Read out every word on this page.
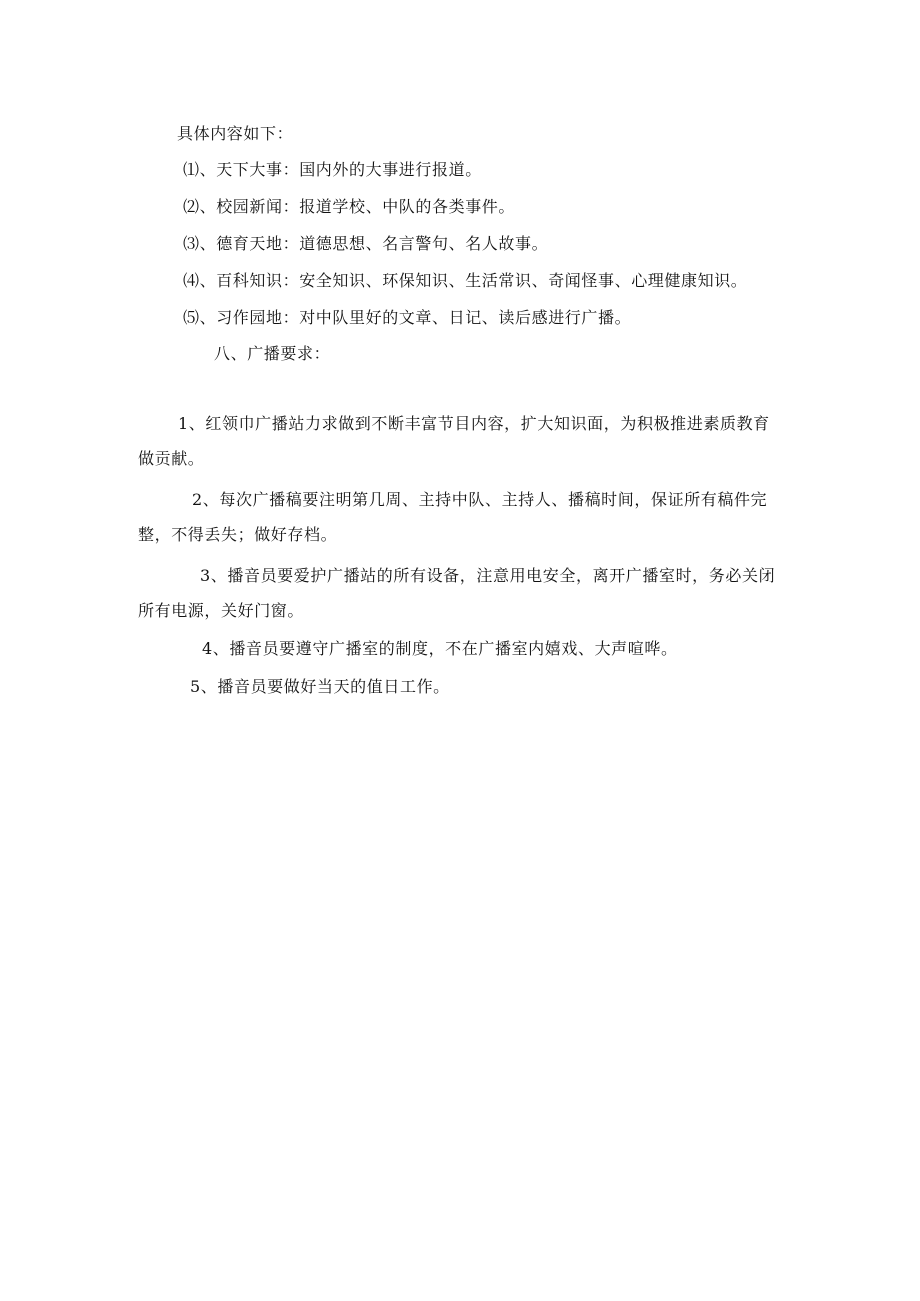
具体内容如下：
⑴、天下大事：国内外的大事进行报道。
⑵、校园新闻：报道学校、中队的各类事件。
⑶、德育天地：道德思想、名言警句、名人故事。
⑷、百科知识：安全知识、环保知识、生活常识、奇闻怪事、心理健康知识。
⑸、习作园地：对中队里好的文章、日记、读后感进行广播。
八、广播要求：
1、红领巾广播站力求做到不断丰富节目内容，扩大知识面，为积极推进素质教育做贡献。
2、每次广播稿要注明第几周、主持中队、主持人、播稿时间，保证所有稿件完整，不得丢失；做好存档。
3、播音员要爱护广播站的所有设备，注意用电安全，离开广播室时，务必关闭所有电源，关好门窗。
4、播音员要遵守广播室的制度，不在广播室内嬉戏、大声喧哗。
5、播音员要做好当天的值日工作。
